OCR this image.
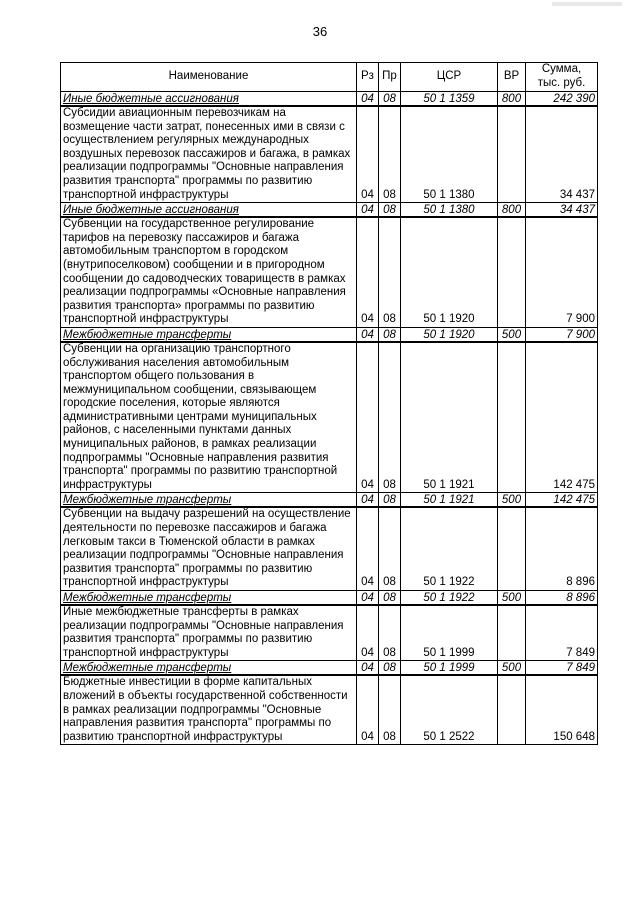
36
Наименование	Рз	Пр	ЦСР	ВР	Сумма,
тыс. руб.
Иные бюджетные ассигнования	04	08	50 1 1359	800	242 390
Субсидии авиационным перевозчикам на возмещение части затрат, понесенных ими в связи с осуществлением регулярных международных воздушных перевозок пассажиров и багажа, в рамках реализации подпрограммы "Основные направления развития транспорта" программы по развитию транспортной инфраструктуры	04	08	50 1 1380		34 437
Иные бюджетные ассигнования	04	08	50 1 1380	800	34 437
Субвенции на государственное регулирование тарифов на перевозку пассажиров и багажа автомобильным транспортом в городском (внутрипоселковом) сообщении и в пригородном сообщении до садоводческих товариществ в рамках реализации подпрограммы «Основные направления развития транспорта» программы по развитию транспортной инфраструктуры	04	08	50 1 1920		7 900
Межбюджетные трансферты	04	08	50 1 1920	500	7 900
Субвенции на организацию транспортного обслуживания населения автомобильным транспортом общего пользования в межмуниципальном сообщении, связывающем городские поселения, которые являются административными центрами муниципальных районов, с населенными пунктами данных муниципальных районов, в рамках реализации подпрограммы "Основные направления развития транспорта" программы по развитию транспортной инфраструктуры	04	08	50 1 1921		142 475
Межбюджетные трансферты	04	08	50 1 1921	500	142 475
Субвенции на выдачу разрешений на осуществление деятельности по перевозке пассажиров и багажа легковым такси в Тюменской области в рамках реализации подпрограммы "Основные направления развития транспорта" программы по развитию транспортной инфраструктуры	04	08	50 1 1922		8 896
Межбюджетные трансферты	04	08	50 1 1922	500	8 896
Иные межбюджетные трансферты в рамках реализации подпрограммы "Основные направления развития транспорта" программы по развитию транспортной инфраструктуры	04	08	50 1 1999		7 849
Межбюджетные трансферты	04	08	50 1 1999	500	7 849
Бюджетные инвестиции в форме капитальных вложений в объекты государственной собственности в рамках реализации подпрограммы "Основные направления развития транспорта" программы по развитию транспортной инфраструктуры	04	08	50 1 2522		150 648
